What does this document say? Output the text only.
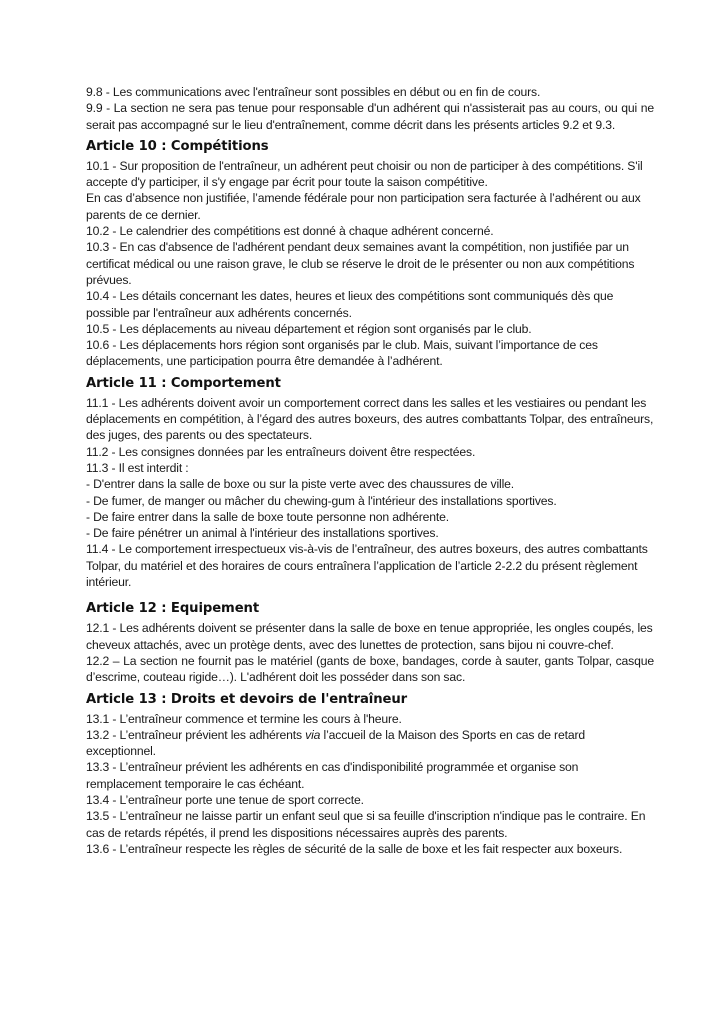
9.8 - Les communications avec l'entraîneur sont possibles en début ou en fin de cours.

9.9 - La section ne sera pas tenue pour responsable d'un adhérent qui n'assisterait pas au cours, ou qui ne serait pas accompagné sur le lieu d'entraînement, comme décrit dans les présents articles 9.2 et 9.3.

Article 10 : Compétitions

10.1 - Sur proposition de l'entraîneur, un adhérent peut choisir ou non de participer à des compétitions. S'il accepte d'y participer, il s'y engage par écrit pour toute la saison compétitive.

En cas d’absence non justifiée, l’amende fédérale pour non participation sera facturée à l’adhérent ou aux parents de ce dernier.

10.2 - Le calendrier des compétitions est donné à chaque adhérent concerné.

10.3 - En cas d'absence de l'adhérent pendant deux semaines avant la compétition, non justifiée par un certificat médical ou une raison grave, le club se réserve le droit de le présenter ou non aux compétitions prévues.

10.4 - Les détails concernant les dates, heures et lieux des compétitions sont communiqués dès que possible par l'entraîneur aux adhérents concernés.

10.5 - Les déplacements au niveau département et région sont organisés par le club.

10.6 - Les déplacements hors région sont organisés par le club. Mais, suivant l’importance de ces déplacements, une participation pourra être demandée à l’adhérent.

Article 11 : Comportement

11.1 - Les adhérents doivent avoir un comportement correct dans les salles et les vestiaires ou pendant les déplacements en compétition, à l’égard des autres boxeurs, des autres combattants Tolpar, des entraîneurs, des juges, des parents ou des spectateurs.

11.2 - Les consignes données par les entraîneurs doivent être respectées.

11.3 - Il est interdit :

- D'entrer dans la salle de boxe ou sur la piste verte avec des chaussures de ville.

- De fumer, de manger ou mâcher du chewing-gum à l'intérieur des installations sportives.

- De faire entrer dans la salle de boxe toute personne non adhérente.

- De faire pénétrer un animal à l'intérieur des installations sportives.

11.4 - Le comportement irrespectueux vis-à-vis de l’entraîneur, des autres boxeurs, des autres combattants Tolpar, du matériel et des horaires de cours entraînera l’application de l’article 2-2.2 du présent règlement intérieur.

Article 12 : Equipement

12.1 - Les adhérents doivent se présenter dans la salle de boxe en tenue appropriée, les ongles coupés, les cheveux attachés, avec un protège dents, avec des lunettes de protection, sans bijou ni couvre-chef.

12.2 – La section ne fournit pas le matériel (gants de boxe, bandages, corde à sauter, gants Tolpar, casque d’escrime, couteau rigide…). L'adhérent doit les posséder dans son sac.

Article 13 : Droits et devoirs de l'entraîneur

13.1 - L’entraîneur commence et termine les cours à l'heure.

13.2 - L’entraîneur prévient les adhérents via l’accueil de la Maison des Sports en cas de retard exceptionnel.

13.3 - L’entraîneur prévient les adhérents en cas d'indisponibilité programmée et organise son remplacement temporaire le cas échéant.

13.4 - L’entraîneur porte une tenue de sport correcte.

13.5 - L’entraîneur ne laisse partir un enfant seul que si sa feuille d'inscription n'indique pas le contraire. En cas de retards répétés, il prend les dispositions nécessaires auprès des parents.

13.6 - L’entraîneur respecte les règles de sécurité de la salle de boxe et les fait respecter aux boxeurs.
